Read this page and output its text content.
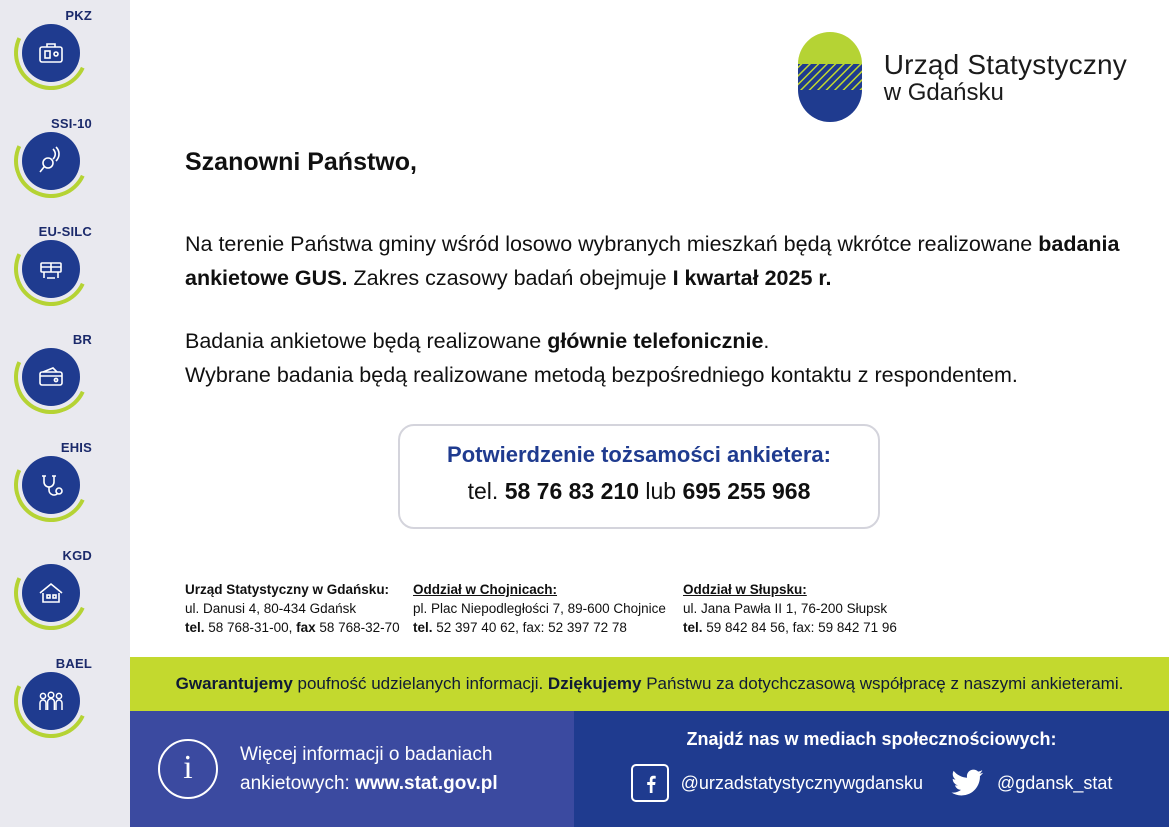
PKZ
SSI-10
EU-SILC
BR
EHIS
KGD
BAEL
Urząd Statystyczny
w Gdańsku
Szanowni Państwo,
Na terenie Państwa gminy wśród losowo wybranych mieszkań będą wkrótce realizowane badania ankietowe GUS. Zakres czasowy badań obejmuje I kwartał 2025 r.
Badania ankietowe będą realizowane głównie telefonicznie.
Wybrane badania będą realizowane metodą bezpośredniego kontaktu z respondentem.
Potwierdzenie tożsamości ankietera:
tel. 58 76 83 210 lub 695 255 968
Urząd Statystyczny w Gdańsku:
ul. Danusi 4, 80-434 Gdańsk
tel. 58 768-31-00, fax 58 768-32-70
Oddział w Chojnicach:
pl. Plac Niepodległości 7, 89-600 Chojnice
tel. 52 397 40 62, fax: 52 397 72 78
Oddział w Słupsku:
ul. Jana Pawła II 1, 76-200 Słupsk
tel. 59 842 84 56, fax: 59 842 71 96
Gwarantujemy poufność udzielanych informacji. Dziękujemy Państwu za dotychczasową współpracę z naszymi ankieterami.
i Więcej informacji o badaniach
ankietowych: www.stat.gov.pl
Znajdź nas w mediach społecznościowych:
@urzadstatystycznywgdansku	@gdansk_stat
